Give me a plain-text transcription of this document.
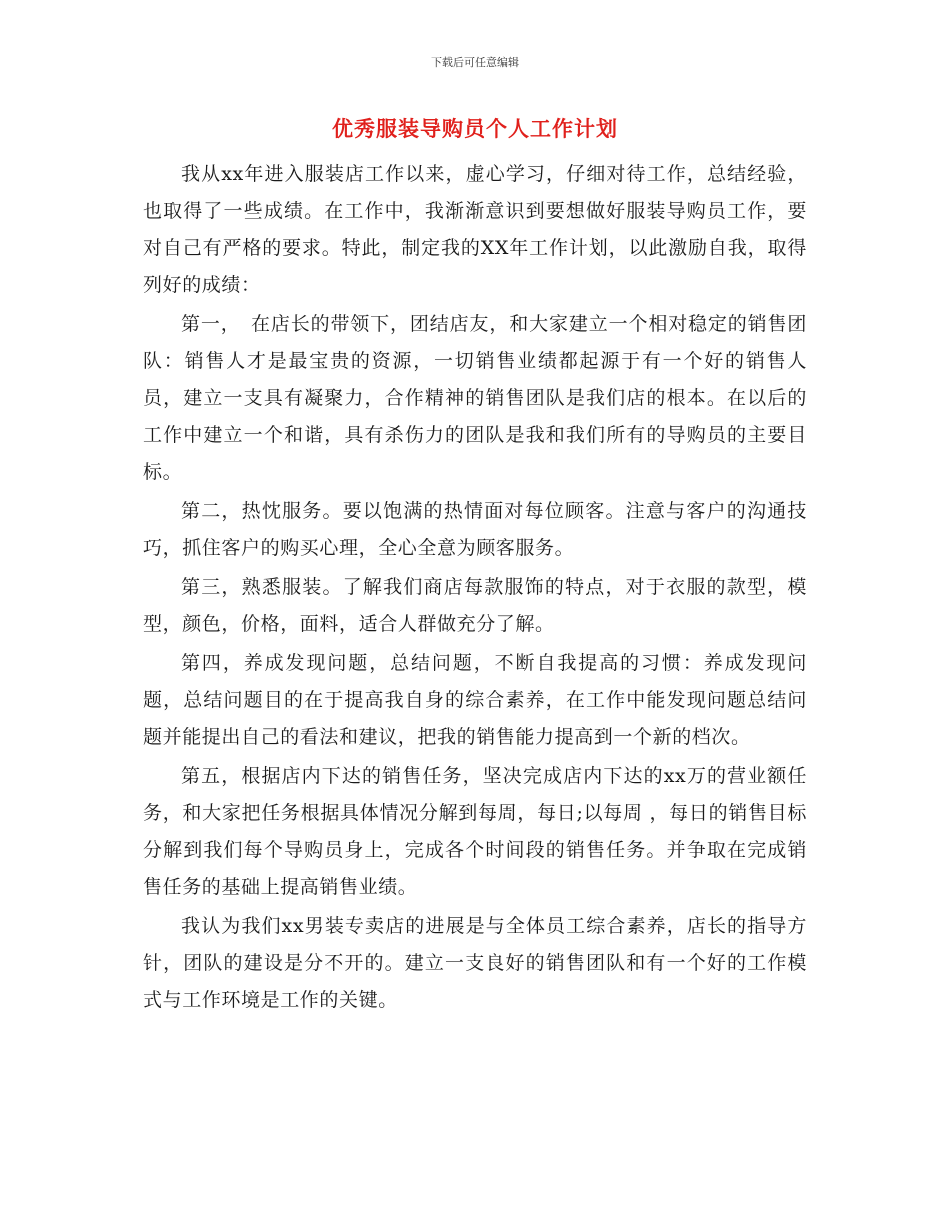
下载后可任意编辑
优秀服装导购员个人工作计划

我从xx年进入服装店工作以来，虚心学习，仔细对待工作，总结经验，也取得了一些成绩。在工作中，我渐渐意识到要想做好服装导购员工作，要对自己有严格的要求。特此，制定我的XX年工作计划，以此激励自我，取得列好的成绩：

第一，　在店长的带领下，团结店友，和大家建立一个相对稳定的销售团队：销售人才是最宝贵的资源，一切销售业绩都起源于有一个好的销售人员，建立一支具有凝聚力，合作精神的销售团队是我们店的根本。在以后的工作中建立一个和谐，具有杀伤力的团队是我和我们所有的导购员的主要目标。

第二，热忱服务。要以饱满的热情面对每位顾客。注意与客户的沟通技巧，抓住客户的购买心理，全心全意为顾客服务。

第三，熟悉服装。了解我们商店每款服饰的特点，对于衣服的款型，模型，颜色，价格，面料，适合人群做充分了解。

第四，养成发现问题，总结问题，不断自我提高的习惯：养成发现问题，总结问题目的在于提高我自身的综合素养，在工作中能发现问题总结问题并能提出自己的看法和建议，把我的销售能力提高到一个新的档次。

第五，根据店内下达的销售任务，坚决完成店内下达的xx万的营业额任务，和大家把任务根据具体情况分解到每周，每日;以每周 ，每日的销售目标分解到我们每个导购员身上，完成各个时间段的销售任务。并争取在完成销售任务的基础上提高销售业绩。

我认为我们xx男装专卖店的进展是与全体员工综合素养，店长的指导方针，团队的建设是分不开的。建立一支良好的销售团队和有一个好的工作模式与工作环境是工作的关键。
